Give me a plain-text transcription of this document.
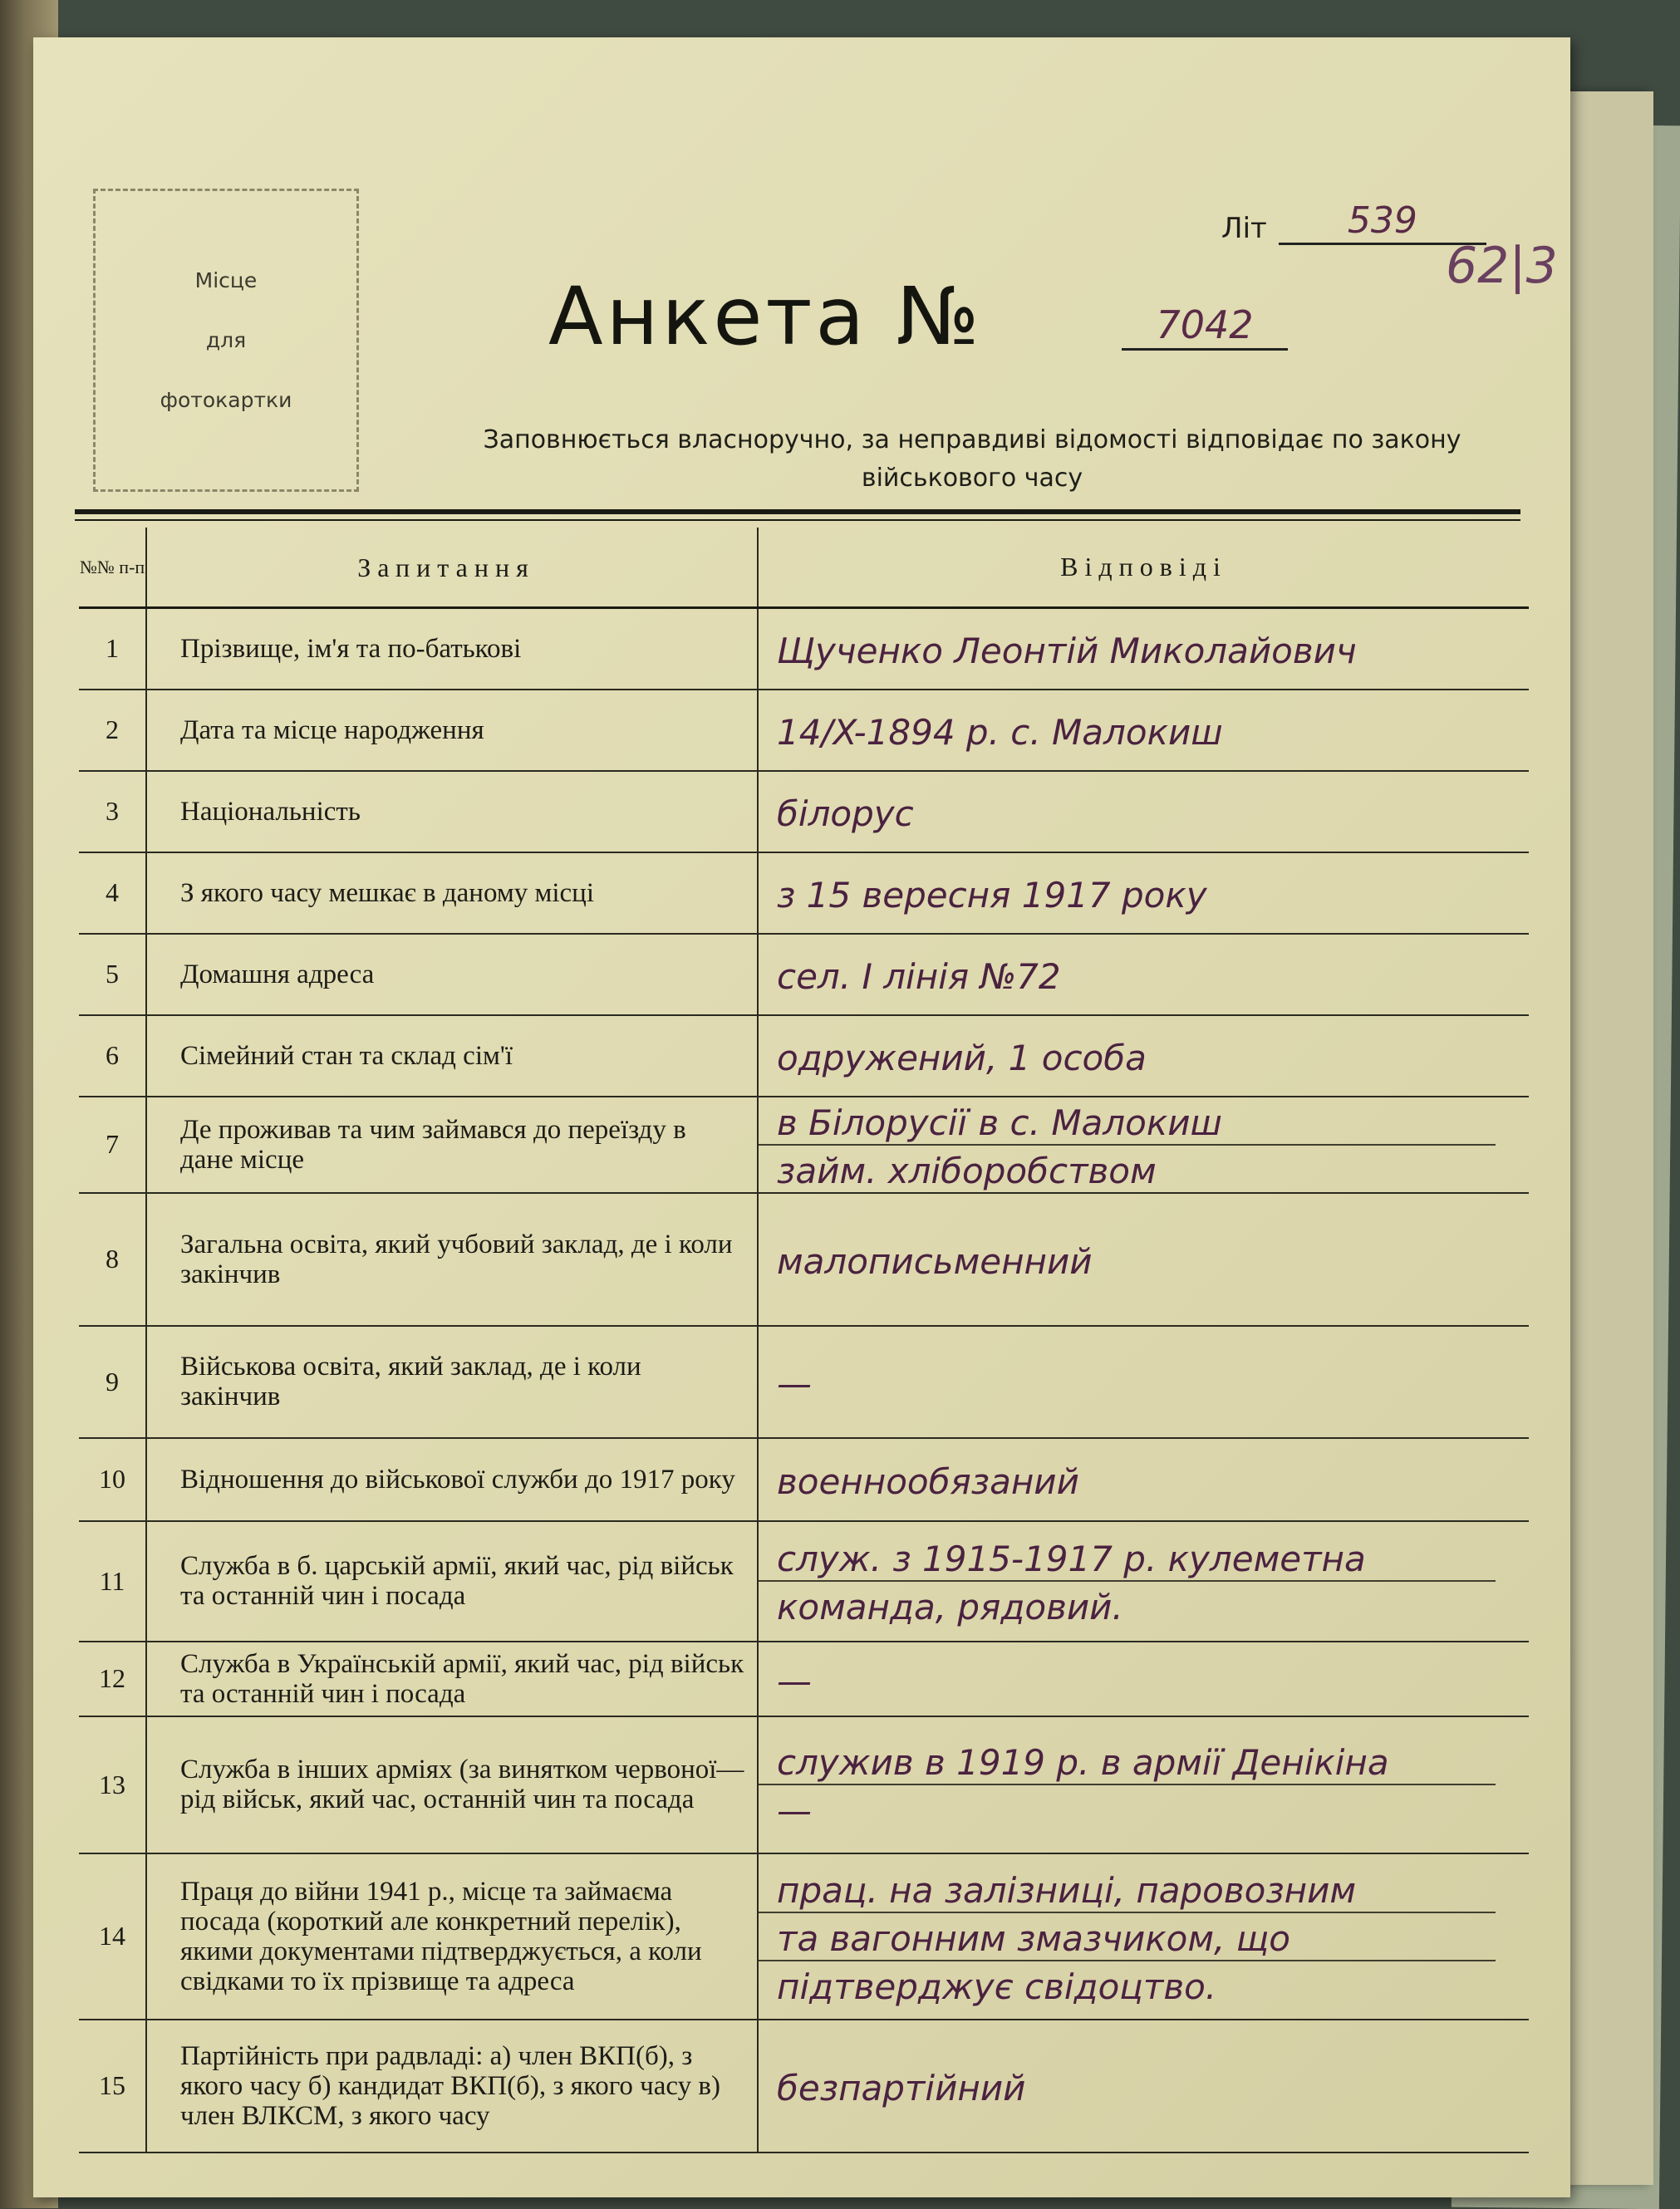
Місце
для
фотокартки
Літ	539
62|3
Анкета №	7042
Заповнюється власноручно, за неправдиві відомості відповідає по закону
військового часу
№№ п-п	Запитання	Відповіді
1	Прізвище, ім'я та по-батькові	Щученко Леонтій Миколайович

2	Дата та місце народження	14/X-1894 р. с. Малокиш

3	Національність	білорус

4	З якого часу мешкає в даному місці	з 15 вересня 1917 року

5	Домашня адреса	сел. I лінія №72

6	Сімейний стан та склад сім'ї	одружений, 1 особа

7	Де проживав та чим займався до переїзду в дане місце	в Білорусії в с. Малокиш
займ. хліборобством

8	Загальна освіта, який учбовий заклад, де і коли закінчив	малописьменний

9	Військова освіта, який заклад, де і коли закінчив	—

10	Відношення до військової служби до 1917 року	военнообязаний

11	Служба в б. царській армії, який час, рід військ та останній чин і посада	служ. з 1915-1917 р. кулеметна
команда, рядовий.

12	Служба в Українській армії, який час, рід військ та останній чин і посада	—

13	Служба в інших арміях (за винятком червоної—рід військ, який час, останній чин та посада	служив в 1919 р. в армії Денікіна
—

14	Праця до війни 1941 р., місце та займаєма посада (короткий але конкретний перелік), якими документами підтверджується, а коли свідками то їх прізвище та адреса	прац. на залізниці, паровозним
та вагонним змазчиком, що
підтверджує свідоцтво.

15	Партійність при радвладі: а) член ВКП(б), з якого часу б) кандидат ВКП(б), з якого часу в) член ВЛКСМ, з якого часу	безпартійний
